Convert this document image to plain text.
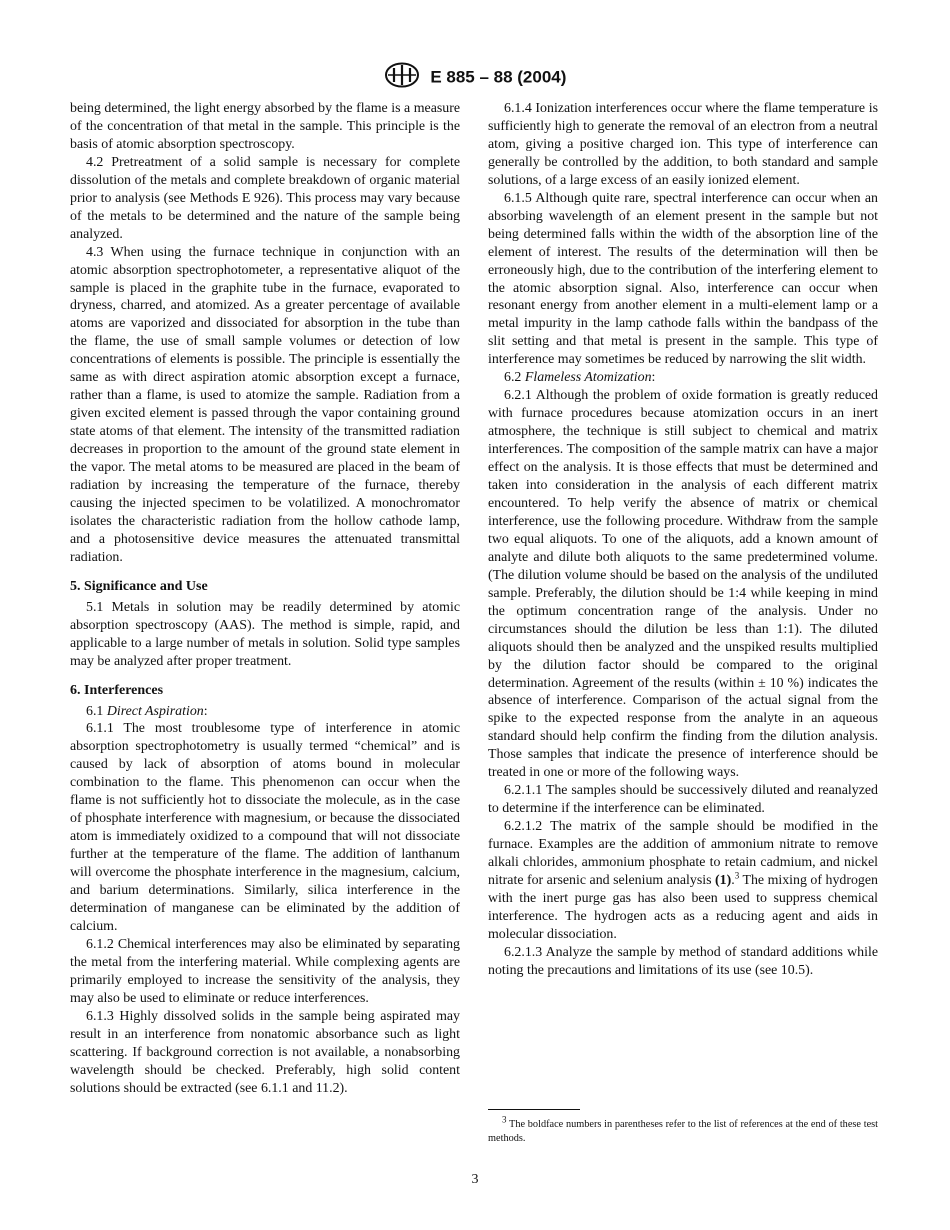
E 885 – 88 (2004)

being determined, the light energy absorbed by the flame is a measure of the concentration of that metal in the sample. This principle is the basis of atomic absorption spectroscopy.

4.2 Pretreatment of a solid sample is necessary for complete dissolution of the metals and complete breakdown of organic material prior to analysis (see Methods E 926). This process may vary because of the metals to be determined and the nature of the sample being analyzed.

4.3 When using the furnace technique in conjunction with an atomic absorption spectrophotometer, a representative aliquot of the sample is placed in the graphite tube in the furnace, evaporated to dryness, charred, and atomized. As a greater percentage of available atoms are vaporized and dissociated for absorption in the tube than the flame, the use of small sample volumes or detection of low concentrations of elements is possible. The principle is essentially the same as with direct aspiration atomic absorption except a furnace, rather than a flame, is used to atomize the sample. Radiation from a given excited element is passed through the vapor containing ground state atoms of that element. The intensity of the transmitted radiation decreases in proportion to the amount of the ground state element in the vapor. The metal atoms to be measured are placed in the beam of radiation by increasing the temperature of the furnace, thereby causing the injected specimen to be volatilized. A monochromator isolates the characteristic radiation from the hollow cathode lamp, and a photosensitive device measures the attenuated transmittal radiation.

5. Significance and Use

5.1 Metals in solution may be readily determined by atomic absorption spectroscopy (AAS). The method is simple, rapid, and applicable to a large number of metals in solution. Solid type samples may be analyzed after proper treatment.

6. Interferences

6.1 Direct Aspiration:

6.1.1 The most troublesome type of interference in atomic absorption spectrophotometry is usually termed “chemical” and is caused by lack of absorption of atoms bound in molecular combination to the flame. This phenomenon can occur when the flame is not sufficiently hot to dissociate the molecule, as in the case of phosphate interference with magnesium, or because the dissociated atom is immediately oxidized to a compound that will not dissociate further at the temperature of the flame. The addition of lanthanum will overcome the phosphate interference in the magnesium, calcium, and barium determinations. Similarly, silica interference in the determination of manganese can be eliminated by the addition of calcium.

6.1.2 Chemical interferences may also be eliminated by separating the metal from the interfering material. While complexing agents are primarily employed to increase the sensitivity of the analysis, they may also be used to eliminate or reduce interferences.

6.1.3 Highly dissolved solids in the sample being aspirated may result in an interference from nonatomic absorbance such as light scattering. If background correction is not available, a nonabsorbing wavelength should be checked. Preferably, high solid content solutions should be extracted (see 6.1.1 and 11.2).

6.1.4 Ionization interferences occur where the flame temperature is sufficiently high to generate the removal of an electron from a neutral atom, giving a positive charged ion. This type of interference can generally be controlled by the addition, to both standard and sample solutions, of a large excess of an easily ionized element.

6.1.5 Although quite rare, spectral interference can occur when an absorbing wavelength of an element present in the sample but not being determined falls within the width of the absorption line of the element of interest. The results of the determination will then be erroneously high, due to the contribution of the interfering element to the atomic absorption signal. Also, interference can occur when resonant energy from another element in a multi-element lamp or a metal impurity in the lamp cathode falls within the bandpass of the slit setting and that metal is present in the sample. This type of interference may sometimes be reduced by narrowing the slit width.

6.2 Flameless Atomization:

6.2.1 Although the problem of oxide formation is greatly reduced with furnace procedures because atomization occurs in an inert atmosphere, the technique is still subject to chemical and matrix interferences. The composition of the sample matrix can have a major effect on the analysis. It is those effects that must be determined and taken into consideration in the analysis of each different matrix encountered. To help verify the absence of matrix or chemical interference, use the following procedure. Withdraw from the sample two equal aliquots. To one of the aliquots, add a known amount of analyte and dilute both aliquots to the same predetermined volume. (The dilution volume should be based on the analysis of the undiluted sample. Preferably, the dilution should be 1:4 while keeping in mind the optimum concentration range of the analysis. Under no circumstances should the dilution be less than 1:1). The diluted aliquots should then be analyzed and the unspiked results multiplied by the dilution factor should be compared to the original determination. Agreement of the results (within ± 10 %) indicates the absence of interference. Comparison of the actual signal from the spike to the expected response from the analyte in an aqueous standard should help confirm the finding from the dilution analysis. Those samples that indicate the presence of interference should be treated in one or more of the following ways.

6.2.1.1 The samples should be successively diluted and reanalyzed to determine if the interference can be eliminated.

6.2.1.2 The matrix of the sample should be modified in the furnace. Examples are the addition of ammonium nitrate to remove alkali chlorides, ammonium phosphate to retain cadmium, and nickel nitrate for arsenic and selenium analysis (1).$^3$ The mixing of hydrogen with the inert purge gas has also been used to suppress chemical interference. The hydrogen acts as a reducing agent and aids in molecular dissociation.

6.2.1.3 Analyze the sample by method of standard additions while noting the precautions and limitations of its use (see 10.5).

$^3$ The boldface numbers in parentheses refer to the list of references at the end of these test methods.

3
